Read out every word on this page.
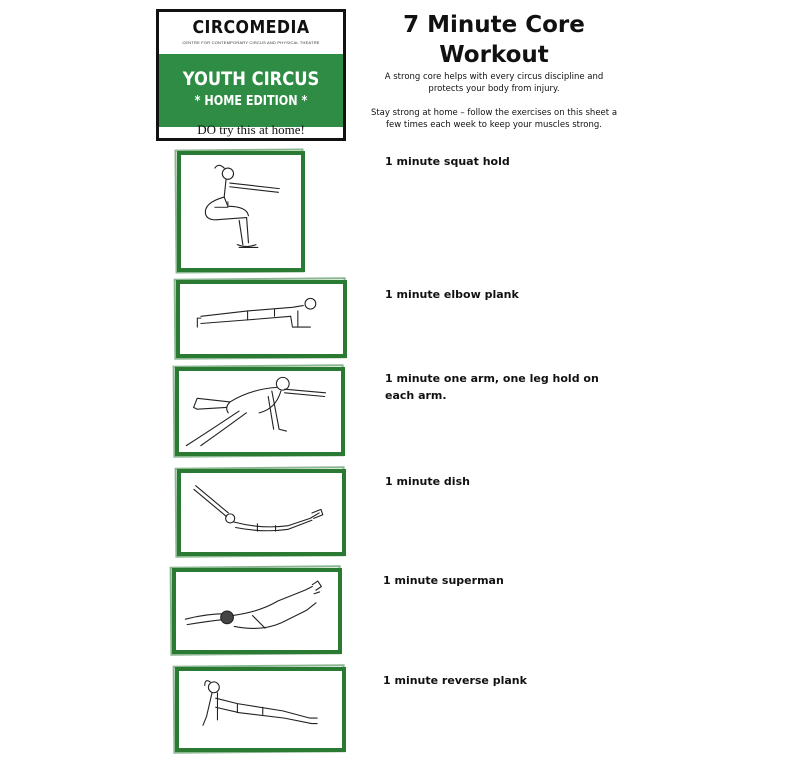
CIRCOMEDIA
CENTRE FOR CONTEMPORARY CIRCUS AND PHYSICAL THEATRE
YOUTH CIRCUS
* HOME EDITION *
DO try this at home!
7 Minute Core
Workout
A strong core helps with every circus discipline and
protects your body from injury.
Stay strong at home – follow the exercises on this sheet a
few times each week to keep your muscles strong.
1 minute squat hold
1 minute elbow plank
1 minute one arm, one leg hold on
each arm.
1 minute dish
1 minute superman
1 minute reverse plank
